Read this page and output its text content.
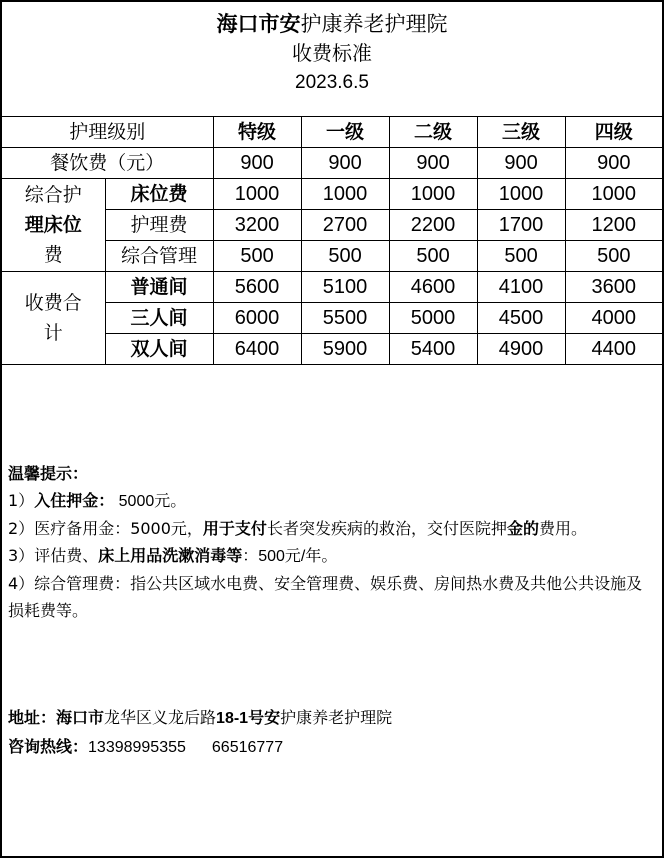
海口市安护康养老护理院
收费标准
2023.6.5
护理级别		特级	一级	二级	三级	四级
餐饮费（元）		900	900	900	900	900

综合护
理床位
费	床位费	1000	1000	1000	1000	1000
	护理费	3200	2700	2200	1700	1200
	综合管理	500	500	500	500	500

收费合
计	普通间	5600	5100	4600	4100	3600
	三人间	6000	5500	5000	4500	4000
	双人间	6400	5900	5400	4900	4400

温馨提示：

1）入住押金： 5000元。

2）医疗备用金：5000元，用于支付长者突发疾病的救治，交付医院押金的费用。

3）评估费、床上用品洗漱消毒等：500元/年。

4）综合管理费：指公共区域水电费、安全管理费、娱乐费、房间热水费及共他公共设施及损耗费等。

地址：海口市龙华区义龙后路18-1号安护康养老护理院

咨询热线：13398995355 66516777
